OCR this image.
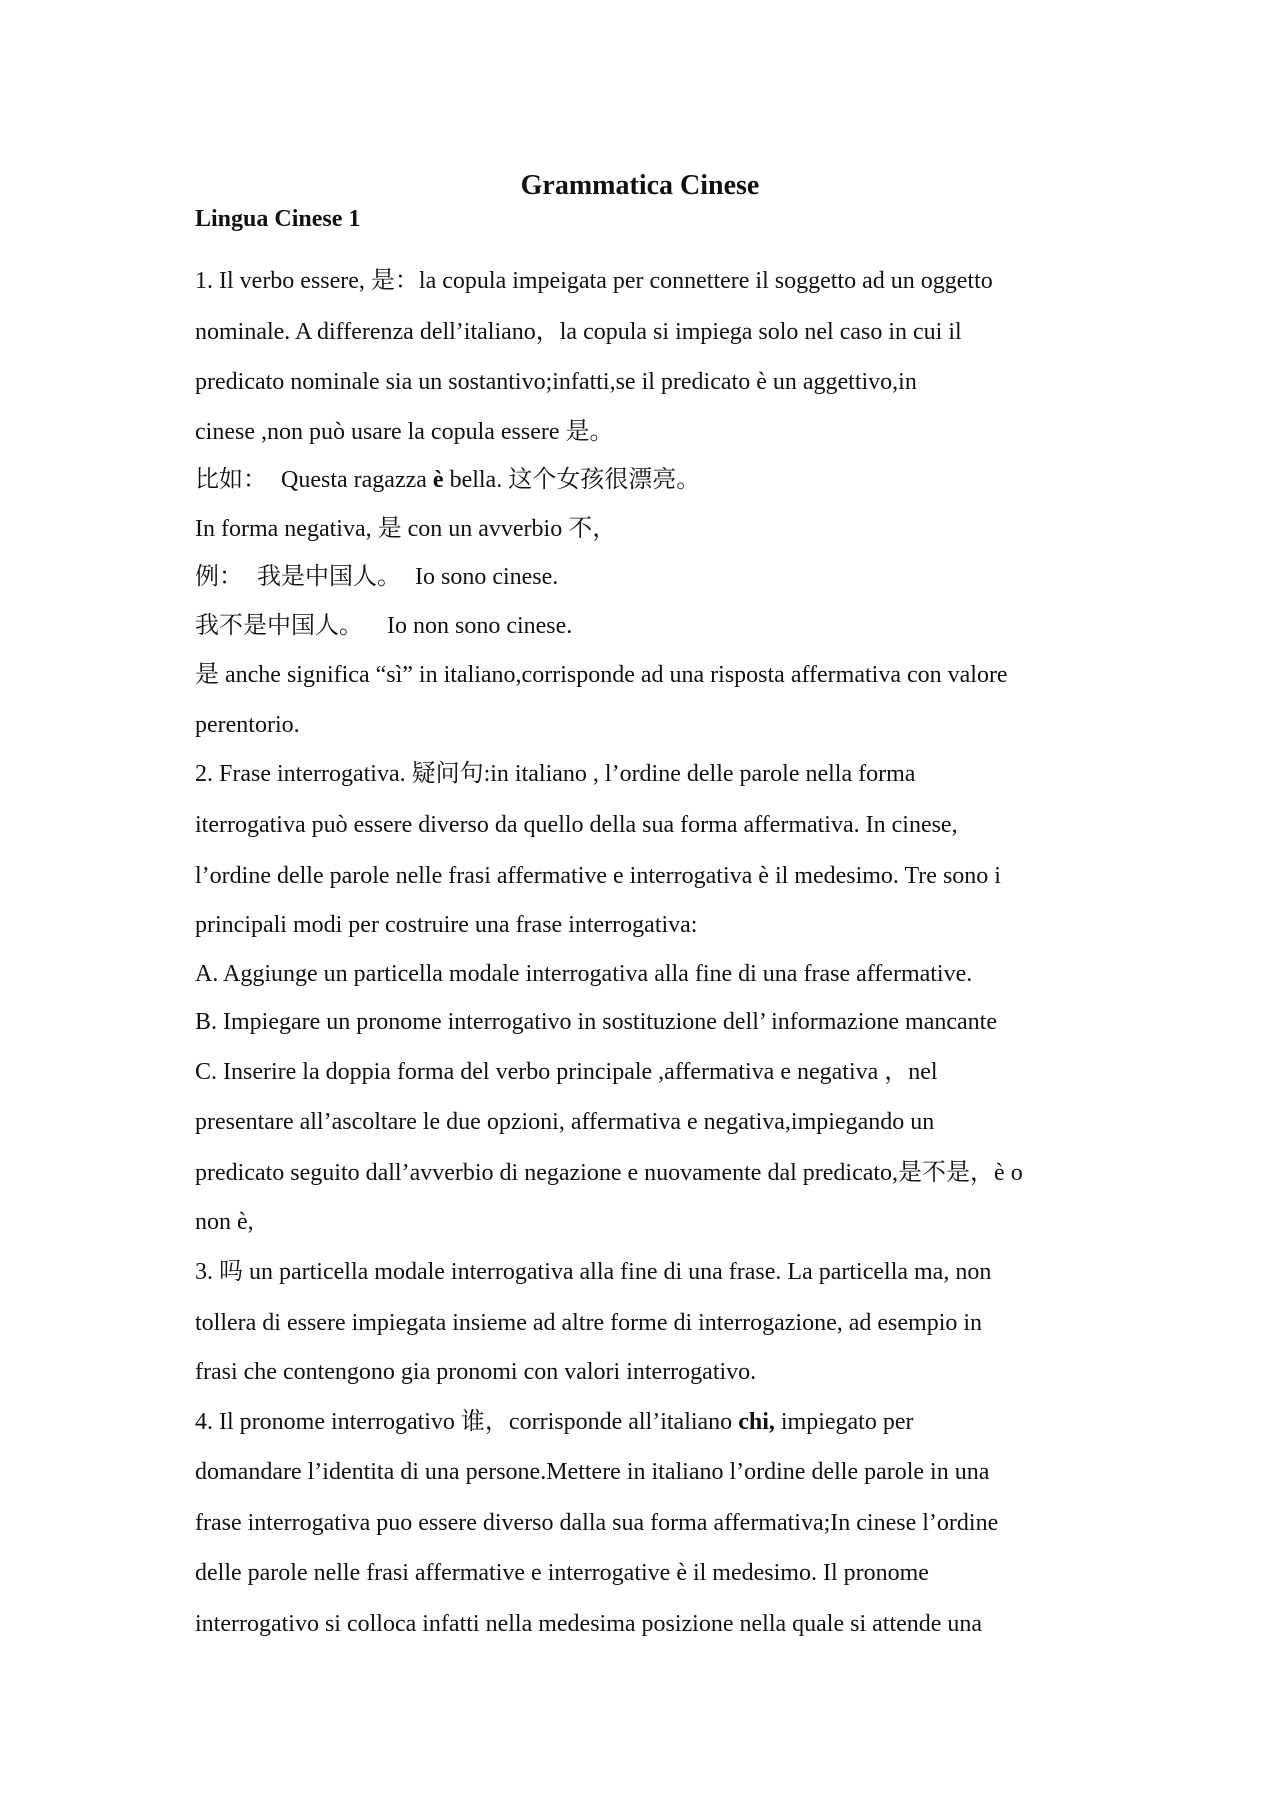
Grammatica Cinese

Lingua Cinese 1

1. Il verbo essere, 是：la copula impeigata per connettere il soggetto ad un oggetto

nominale. A differenza dell’italiano，la copula si impiega solo nel caso in cui il

predicato nominale sia un sostantivo;infatti,se il predicato è un aggettivo,in

cinese ,non può usare la copula essere 是。

比如： Questa ragazza è bella. 这个女孩很漂亮。

In forma negativa, 是 con un avverbio 不，

例： 我是中国人。 Io sono cinese.

我不是中国人。 Io non sono cinese.

是 anche significa “sì” in italiano,corrisponde ad una risposta affermativa con valore

perentorio.

2. Frase interrogativa. 疑问句:in italiano , l’ordine delle parole nella forma

iterrogativa può essere diverso da quello della sua forma affermativa. In cinese,

l’ordine delle parole nelle frasi affermative e interrogativa è il medesimo. Tre sono i

principali modi per costruire una frase interrogativa:

A. Aggiunge un particella modale interrogativa alla fine di una frase affermative.

B. Impiegare un pronome interrogativo in sostituzione dell’ informazione mancante

C. Inserire la doppia forma del verbo principale ,affermativa e negativa ，nel

presentare all’ascoltare le due opzioni, affermativa e negativa,impiegando un

predicato seguito dall’avverbio di negazione e nuovamente dal predicato,是不是，è o

non è,

3. 吗 un particella modale interrogativa alla fine di una frase. La particella ma, non

tollera di essere impiegata insieme ad altre forme di interrogazione, ad esempio in

frasi che contengono gia pronomi con valori interrogativo.

4. Il pronome interrogativo 谁，corrisponde all’italiano chi, impiegato per

domandare l’identita di una persone.Mettere in italiano l’ordine delle parole in una

frase interrogativa puo essere diverso dalla sua forma affermativa;In cinese l’ordine

delle parole nelle frasi affermative e interrogative è il medesimo. Il pronome

interrogativo si colloca infatti nella medesima posizione nella quale si attende una
